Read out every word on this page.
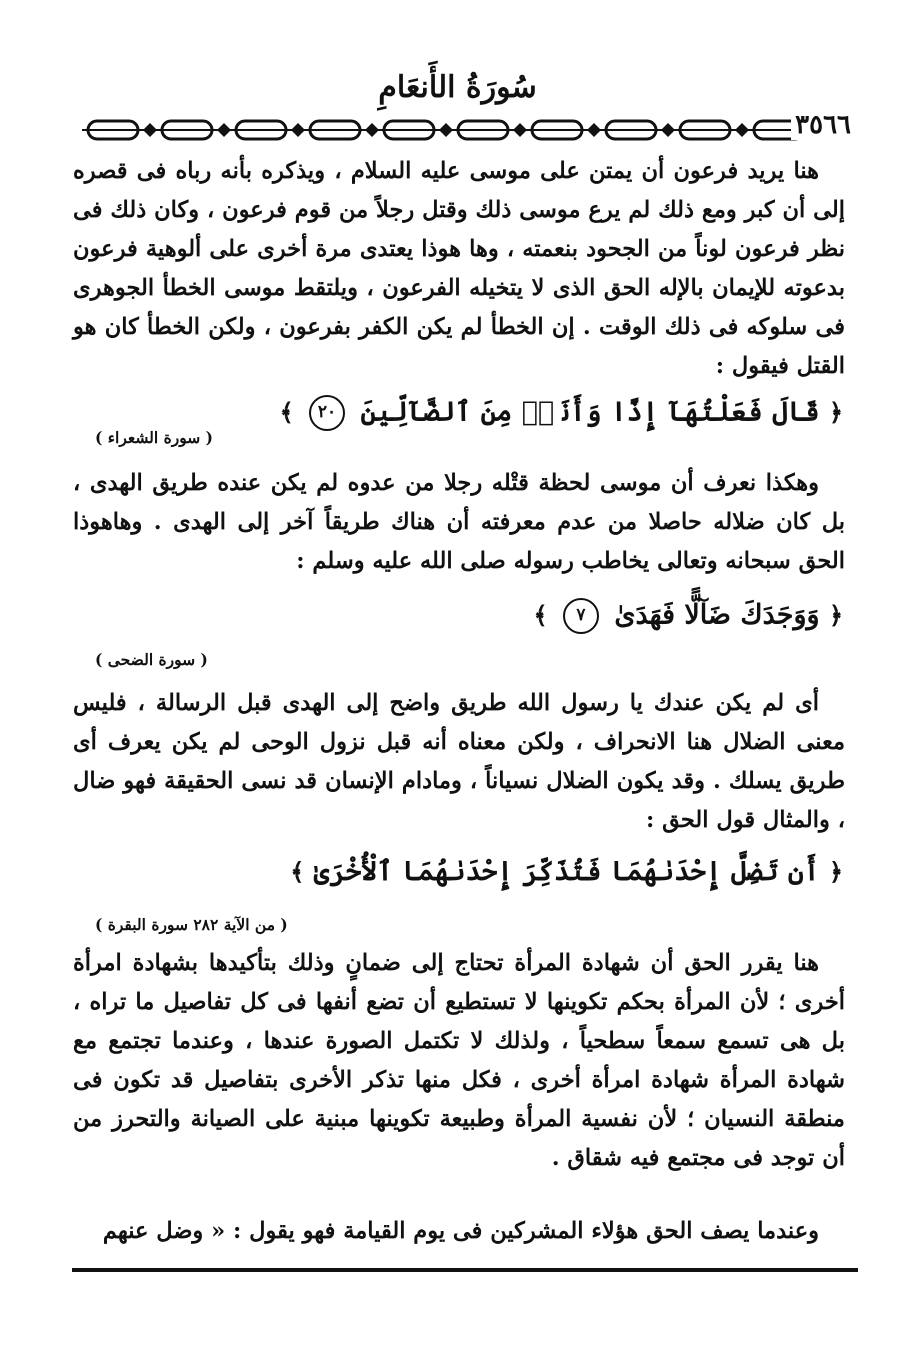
سُورَةُ الأَنعَامِ
٣٥٦٦

هنا يريد فرعون أن يمتن على موسى عليه السلام ، ويذكره بأنه رباه فى قصره إلى أن كبر ومع ذلك لم يرع موسى ذلك وقتل رجلاً من قوم فرعون ، وكان ذلك فى نظر فرعون لوناً من الجحود بنعمته ، وها هوذا يعتدى مرة أخرى على ألوهية فرعون بدعوته للإيمان بالإله الحق الذى لا يتخيله الفرعون ، ويلتقط موسى الخطأ الجوهرى فى سلوكه فى ذلك الوقت . إن الخطأ لم يكن الكفر بفرعون ، ولكن الخطأ كان هو القتل فيقول :

﴿ قَالَ فَعَلْتُهَآ إِذًا وَأَنَا۠ مِنَ ٱلضَّآلِّينَ ٢٠ ﴾
( سورة الشعراء )

وهكذا نعرف أن موسى لحظة قتْله رجلا من عدوه لم يكن عنده طريق الهدى ، بل كان ضلاله حاصلا من عدم معرفته أن هناك طريقاً آخر إلى الهدى . وهاهوذا الحق سبحانه وتعالى يخاطب رسوله صلى الله عليه وسلم :

﴿ وَوَجَدَكَ ضَآلًّا فَهَدَىٰ ٧ ﴾
( سورة الضحى )

أى لم يكن عندك يا رسول الله طريق واضح إلى الهدى قبل الرسالة ، فليس معنى الضلال هنا الانحراف ، ولكن معناه أنه قبل نزول الوحى لم يكن يعرف أى طريق يسلك . وقد يكون الضلال نسياناً ، ومادام الإنسان قد نسى الحقيقة فهو ضال ، والمثال قول الحق :

﴿ أَن تَضِلَّ إِحْدَىٰهُمَا فَتُذَكِّرَ إِحْدَىٰهُمَا ٱلْأُخْرَىٰ ﴾
( من الآية ٢٨٢ سورة البقرة )

هنا يقرر الحق أن شهادة المرأة تحتاج إلى ضمانٍ وذلك بتأكيدها بشهادة امرأة أخرى ؛ لأن المرأة بحكم تكوينها لا تستطيع أن تضع أنفها فى كل تفاصيل ما تراه ، بل هى تسمع سمعاً سطحياً ، ولذلك لا تكتمل الصورة عندها ، وعندما تجتمع مع شهادة المرأة شهادة امرأة أخرى ، فكل منها تذكر الأخرى بتفاصيل قد تكون فى منطقة النسيان ؛ لأن نفسية المرأة وطبيعة تكوينها مبنية على الصيانة والتحرز من أن توجد فى مجتمع فيه شقاق .

وعندما يصف الحق هؤلاء المشركين فى يوم القيامة فهو يقول : « وضل عنهم
